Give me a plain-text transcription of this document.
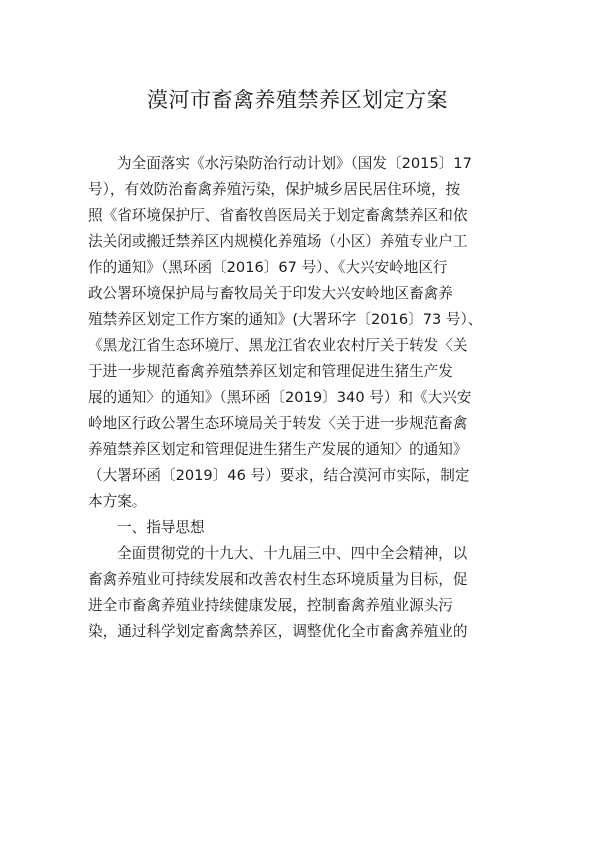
漠河市畜禽养殖禁养区划定方案
为全面落实《水污染防治行动计划》（国发〔2015〕17
号），有效防治畜禽养殖污染，保护城乡居民居住环境，按
照《省环境保护厅、省畜牧兽医局关于划定畜禽禁养区和依
法关闭或搬迁禁养区内规模化养殖场（小区）养殖专业户工
作的通知》（黑环函〔2016〕67 号）、《大兴安岭地区行
政公署环境保护局与畜牧局关于印发大兴安岭地区畜禽养
殖禁养区划定工作方案的通知》(大署环字〔2016〕73 号）、
《黑龙江省生态环境厅、黑龙江省农业农村厅关于转发〈关
于进一步规范畜禽养殖禁养区划定和管理促进生猪生产发
展的通知〉的通知》（黑环函〔2019〕340 号）和《大兴安
岭地区行政公署生态环境局关于转发〈关于进一步规范畜禽
养殖禁养区划定和管理促进生猪生产发展的通知〉的通知》
（大署环函〔2019〕46 号）要求，结合漠河市实际，制定
本方案。
一、指导思想
全面贯彻党的十九大、十九届三中、四中全会精神，以
畜禽养殖业可持续发展和改善农村生态环境质量为目标，促
进全市畜禽养殖业持续健康发展，控制畜禽养殖业源头污
染，通过科学划定畜禽禁养区，调整优化全市畜禽养殖业的
